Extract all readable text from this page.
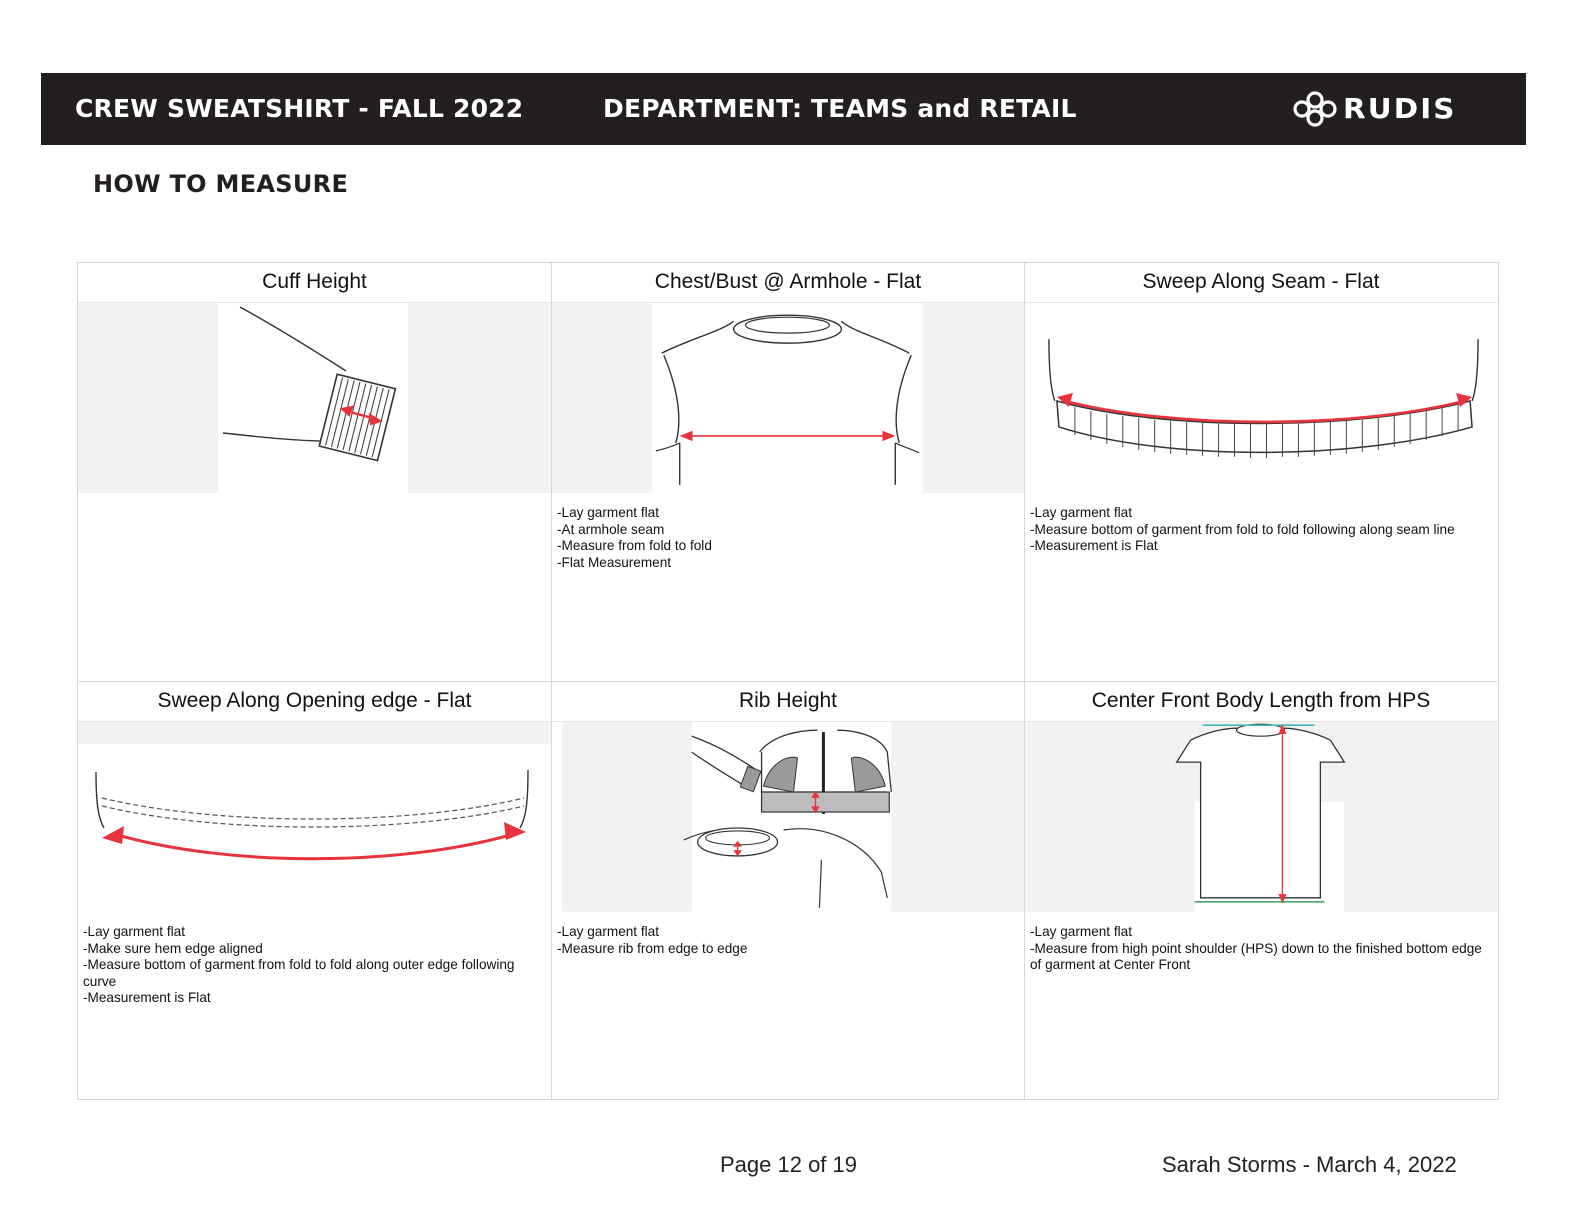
CREW SWEATSHIRT - FALL 2022	DEPARTMENT: TEAMS and RETAIL	RUDIS
HOW TO MEASURE
Cuff Height	Chest/Bust @ Armhole - Flat
-Lay garment flat
-At armhole seam
-Measure from fold to fold
-Flat Measurement
Sweep Along Seam - Flat
-Lay garment flat
-Measure bottom of garment from fold to fold following along seam line
-Measurement is Flat
Sweep Along Opening edge - Flat
-Lay garment flat
-Make sure hem edge aligned
-Measure bottom of garment from fold to fold along outer edge following curve
-Measurement is Flat
Rib Height
-Lay garment flat
-Measure rib from edge to edge
Center Front Body Length from HPS
-Lay garment flat
-Measure from high point shoulder (HPS) down to the finished bottom edge of garment at Center Front
Page 12 of 19	Sarah Storms - March 4, 2022
